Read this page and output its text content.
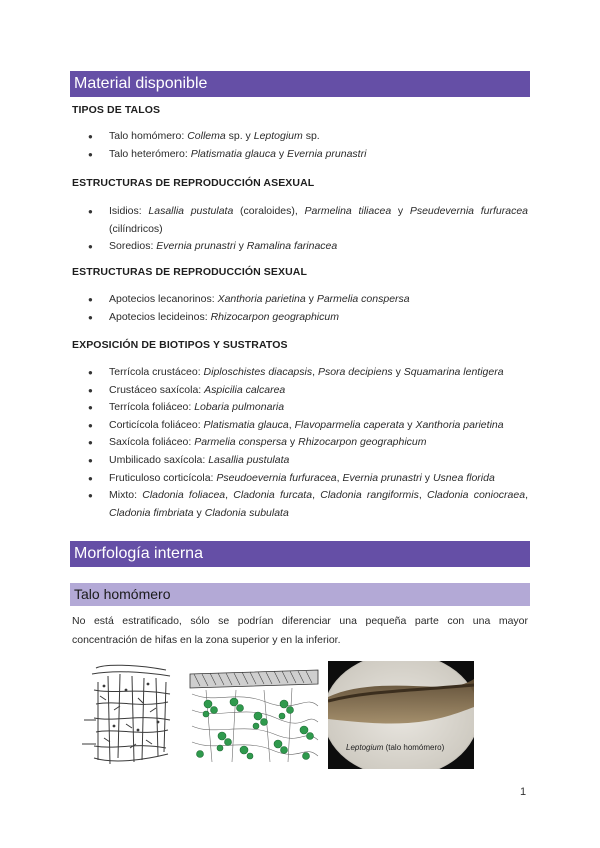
Material disponible
TIPOS DE TALOS
● Talo homómero: Collema sp. y Leptogium sp.
● Talo heterómero: Platismatia glauca y Evernia prunastri
ESTRUCTURAS DE REPRODUCCIÓN ASEXUAL
● Isidios: Lasallia pustulata (coraloides), Parmelina tiliacea y Pseudevernia furfuracea (cilíndricos)
● Soredios: Evernia prunastri y Ramalina farinacea
ESTRUCTURAS DE REPRODUCCIÓN SEXUAL
● Apotecios lecanorinos: Xanthoria parietina y Parmelia conspersa
● Apotecios lecideinos: Rhizocarpon geographicum
EXPOSICIÓN DE BIOTIPOS Y SUSTRATOS
● Terrícola crustáceo: Diploschistes diacapsis, Psora decipiens y Squamarina lentigera
● Crustáceo saxícola: Aspicilia calcarea
● Terrícola foliáceo: Lobaria pulmonaria
● Corticícola foliáceo: Platismatia glauca, Flavoparmelia caperata y Xanthoria parietina
● Saxícola foliáceo: Parmelia conspersa y Rhizocarpon geographicum
● Umbilicado saxícola: Lasallia pustulata
● Fruticuloso corticícola: Pseudoevernia furfuracea, Evernia prunastri y Usnea florida
● Mixto: Cladonia foliacea, Cladonia furcata, Cladonia rangiformis, Cladonia coniocraea, Cladonia fimbriata y Cladonia subulata
Morfología interna
Talo homómero
No está estratificado, sólo se podrían diferenciar una pequeña parte con una mayor concentración de hifas en la zona superior y en la inferior.
Leptogium (talo homómero)
1
